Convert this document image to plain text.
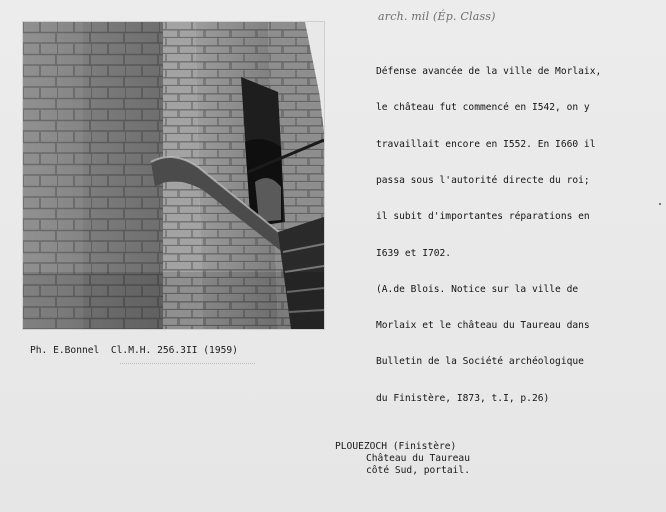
arch. mil (Ép. Class)

Défense avancée de la ville de Morlaix,

le château fut commencé en I542, on y

travaillait encore en I552. En I660 il

passa sous l'autorité directe du roi;

il subit d'importantes réparations en

I639 et I702.

(A.de Blois. Notice sur la ville de

Morlaix et le château du Taureau dans

Bulletin de la Société archéologique

du Finistère, I873, t.I, p.26)

Ph. E.Bonnel  Cl.M.H. 256.3II (1959)
PLOUEZOCH (Finistère)
Château du Taureau
côté Sud, portail.
